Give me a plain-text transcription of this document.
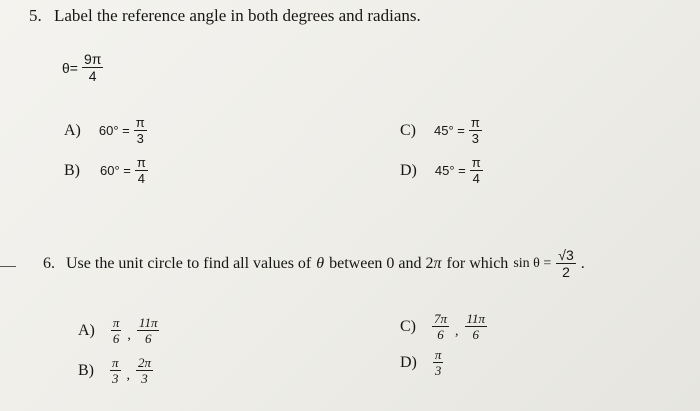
5. Label the reference angle in both degrees and radians.
$\theta= \frac{9\pi}{4}$
A) $60^\circ = \frac{\pi}{3}$
B) $60^\circ = \frac{\pi}{4}$
C) $45^\circ = \frac{\pi}{3}$
D) $45^\circ = \frac{\pi}{4}$
6. Use the unit circle to find all values of θ between 0 and 2 π for which $\sin \theta = \frac{√3}{2}$ .
$A) \frac{\pi}{6}$ , $\frac{11\pi}{6}$
$B) \frac{\pi}{3}$ , $\frac{2\pi}{3}$
$C) \frac{7\pi}{6}$ , $\frac{11\pi}{6}$
$D) \frac{\pi}{3}$
